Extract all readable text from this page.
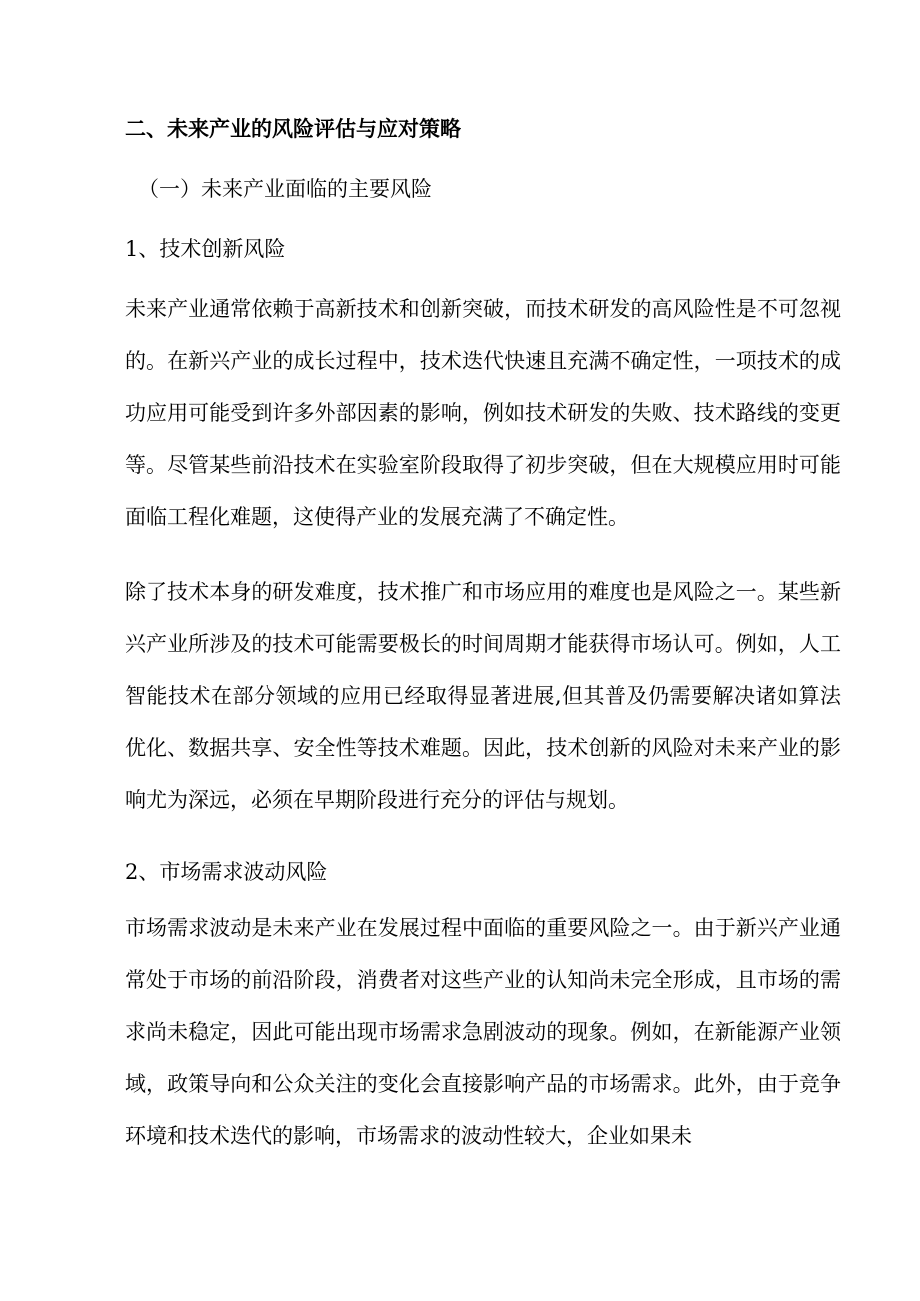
二、未来产业的风险评估与应对策略
（一）未来产业面临的主要风险
1、技术创新风险

未来产业通常依赖于高新技术和创新突破，而技术研发的高风险性是不可忽视的。在新兴产业的成长过程中，技术迭代快速且充满不确定性，一项技术的成功应用可能受到许多外部因素的影响，例如技术研发的失败、技术路线的变更等。尽管某些前沿技术在实验室阶段取得了初步突破，但在大规模应用时可能面临工程化难题，这使得产业的发展充满了不确定性。

除了技术本身的研发难度，技术推广和市场应用的难度也是风险之一。某些新兴产业所涉及的技术可能需要极长的时间周期才能获得市场认可。例如，人工智能技术在部分领域的应用已经取得显著进展,但其普及仍需要解决诸如算法优化、数据共享、安全性等技术难题。因此，技术创新的风险对未来产业的影响尤为深远，必须在早期阶段进行充分的评估与规划。

2、市场需求波动风险

市场需求波动是未来产业在发展过程中面临的重要风险之一。由于新兴产业通常处于市场的前沿阶段，消费者对这些产业的认知尚未完全形成，且市场的需求尚未稳定，因此可能出现市场需求急剧波动的现象。例如，在新能源产业领域，政策导向和公众关注的变化会直接影响产品的市场需求。此外，由于竞争环境和技术迭代的影响，市场需求的波动性较大，企业如果未
